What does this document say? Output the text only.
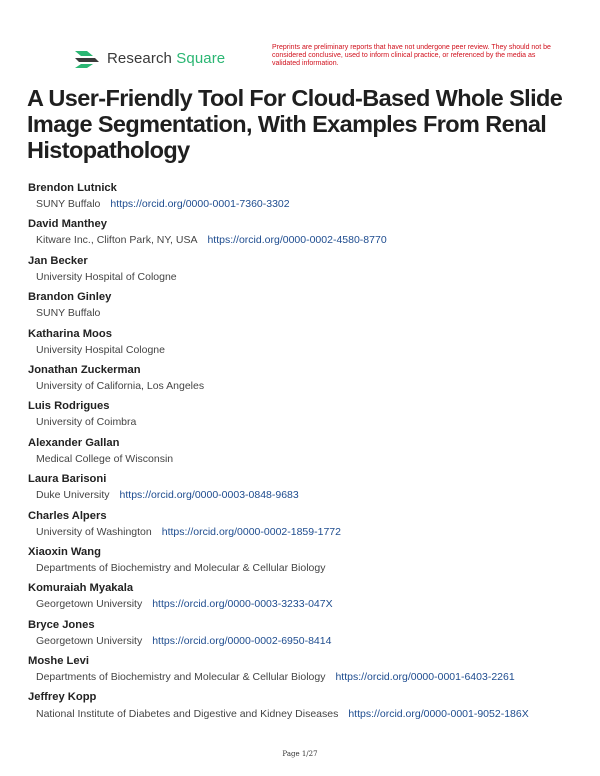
Research Square
Preprints are preliminary reports that have not undergone peer review. They should not be considered conclusive, used to inform clinical practice, or referenced by the media as validated information.
A User-Friendly Tool For Cloud-Based Whole Slide Image Segmentation, With Examples From Renal Histopathology
Brendon Lutnick
SUNY Buffalo https://orcid.org/0000-0001-7360-3302
David Manthey
Kitware Inc., Clifton Park, NY, USA https://orcid.org/0000-0002-4580-8770
Jan Becker
University Hospital of Cologne
Brandon Ginley
SUNY Buffalo
Katharina Moos
University Hospital Cologne
Jonathan Zuckerman
University of California, Los Angeles
Luis Rodrigues
University of Coimbra
Alexander Gallan
Medical College of Wisconsin
Laura Barisoni
Duke University https://orcid.org/0000-0003-0848-9683
Charles Alpers
University of Washington https://orcid.org/0000-0002-1859-1772
Xiaoxin Wang
Departments of Biochemistry and Molecular & Cellular Biology
Komuraiah Myakala
Georgetown University https://orcid.org/0000-0003-3233-047X
Bryce Jones
Georgetown University https://orcid.org/0000-0002-6950-8414
Moshe Levi
Departments of Biochemistry and Molecular & Cellular Biology https://orcid.org/0000-0001-6403-2261
Jeffrey Kopp
National Institute of Diabetes and Digestive and Kidney Diseases https://orcid.org/0000-0001-9052-186X
Page 1/27
